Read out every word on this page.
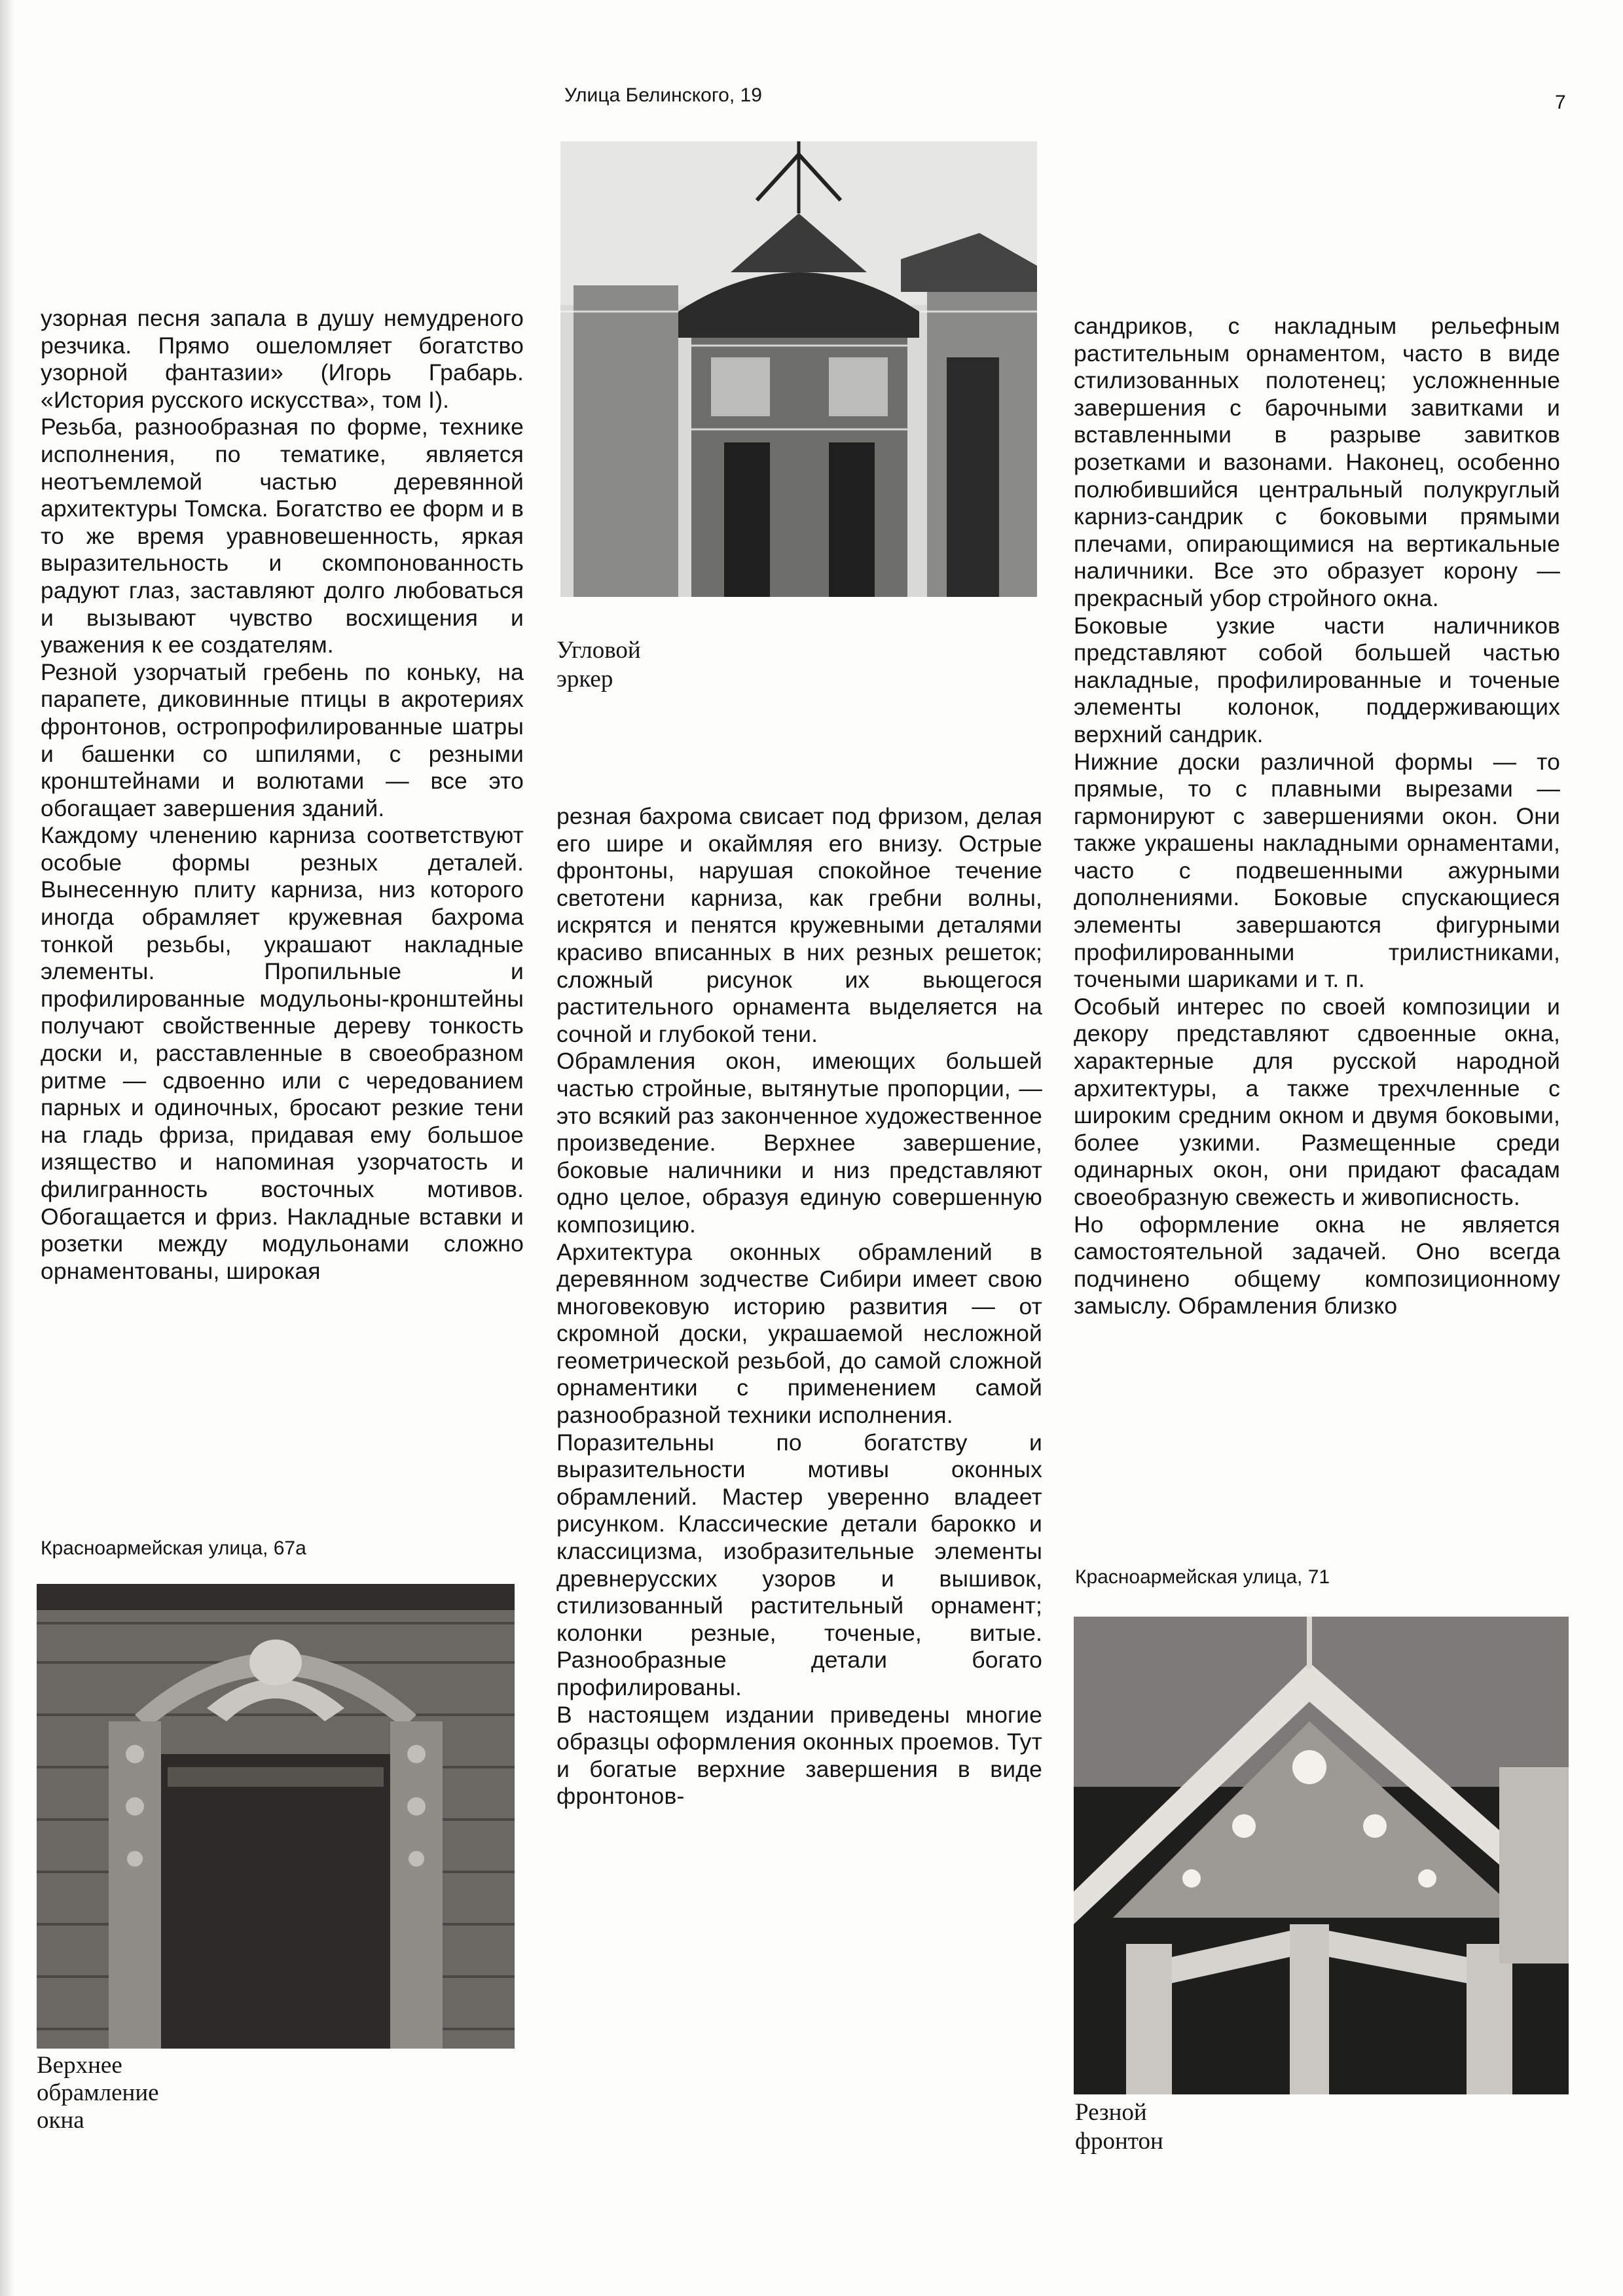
7
Улица Белинского, 19
Угловой
эркер

узорная песня запала в душу немудреного резчика. Прямо ошеломляет богатство узорной фантазии» (Игорь Грабарь. «История русского искусства», том I).

Резьба, разнообразная по форме, технике исполнения, по тематике, является неотъемлемой частью деревянной архитектуры Томска. Богатство ее форм и в то же время уравновешенность, яркая выразительность и скомпонованность радуют глаз, заставляют долго любоваться и вызывают чувство восхищения и уважения к ее создателям.

Резной узорчатый гребень по коньку, на парапете, диковинные птицы в акротериях фронтонов, остропрофилированные шатры и башенки со шпилями, с резными кронштейнами и волютами — все это обогащает завершения зданий.

Каждому членению карниза соответствуют особые формы резных деталей. Вынесенную плиту карниза, низ которого иногда обрамляет кружевная бахрома тонкой резьбы, украшают накладные элементы. Пропильные и профилированные модульоны-кронштейны получают свойственные дереву тонкость доски и, расставленные в своеобразном ритме — сдвоенно или с чередованием парных и одиночных, бросают резкие тени на гладь фриза, придавая ему большое изящество и напоминая узорчатость и филигранность восточных мотивов. Обогащается и фриз. Накладные вставки и розетки между модульонами сложно орнаментованы, широкая

резная бахрома свисает под фризом, делая его шире и окаймляя его внизу. Острые фронтоны, нарушая спокойное течение светотени карниза, как гребни волны, искрятся и пенятся кружевными деталями красиво вписанных в них резных решеток; сложный рисунок их вьющегося растительного орнамента выделяется на сочной и глубокой тени.

Обрамления окон, имеющих большей частью стройные, вытянутые пропорции, — это всякий раз законченное художественное произведение. Верхнее завершение, боковые наличники и низ представляют одно целое, образуя единую совершенную композицию.

Архитектура оконных обрамлений в деревянном зодчестве Сибири имеет свою многовековую историю развития — от скромной доски, украшаемой несложной геометрической резьбой, до самой сложной орнаментики с применением самой разнообразной техники исполнения.

Поразительны по богатству и выразительности мотивы оконных обрамлений. Мастер уверенно владеет рисунком. Классические детали барокко и классицизма, изобразительные элементы древнерусских узоров и вышивок, стилизованный растительный орнамент; колонки резные, точеные, витые. Разнообразные детали богато профилированы.

В настоящем издании приведены многие образцы оформления оконных проемов. Тут и богатые верхние завершения в виде фронтонов-

сандриков, с накладным рельефным растительным орнаментом, часто в виде стилизованных полотенец; усложненные завершения с барочными завитками и вставленными в разрыве завитков розетками и вазонами. Наконец, особенно полюбившийся центральный полукруглый карниз-сандрик с боковыми прямыми плечами, опирающимися на вертикальные наличники. Все это образует корону — прекрасный убор стройного окна.

Боковые узкие части наличников представляют собой большей частью накладные, профилированные и точеные элементы колонок, поддерживающих верхний сандрик.

Нижние доски различной формы — то прямые, то с плавными вырезами — гармонируют с завершениями окон. Они также украшены накладными орнаментами, часто с подвешенными ажурными дополнениями. Боковые спускающиеся элементы завершаются фигурными профилированными трилистниками, точеными шариками и т. п.

Особый интерес по своей композиции и декору представляют сдвоенные окна, характерные для русской народной архитектуры, а также трехчленные с широким средним окном и двумя боковыми, более узкими. Размещенные среди одинарных окон, они придают фасадам своеобразную свежесть и живописность.

Но оформление окна не является самостоятельной задачей. Оно всегда подчинено общему композиционному замыслу. Обрамления близко

Красноармейская улица, 67а
Верхнее
обрамление
окна
Красноармейская улица, 71
Резной
фронтон
